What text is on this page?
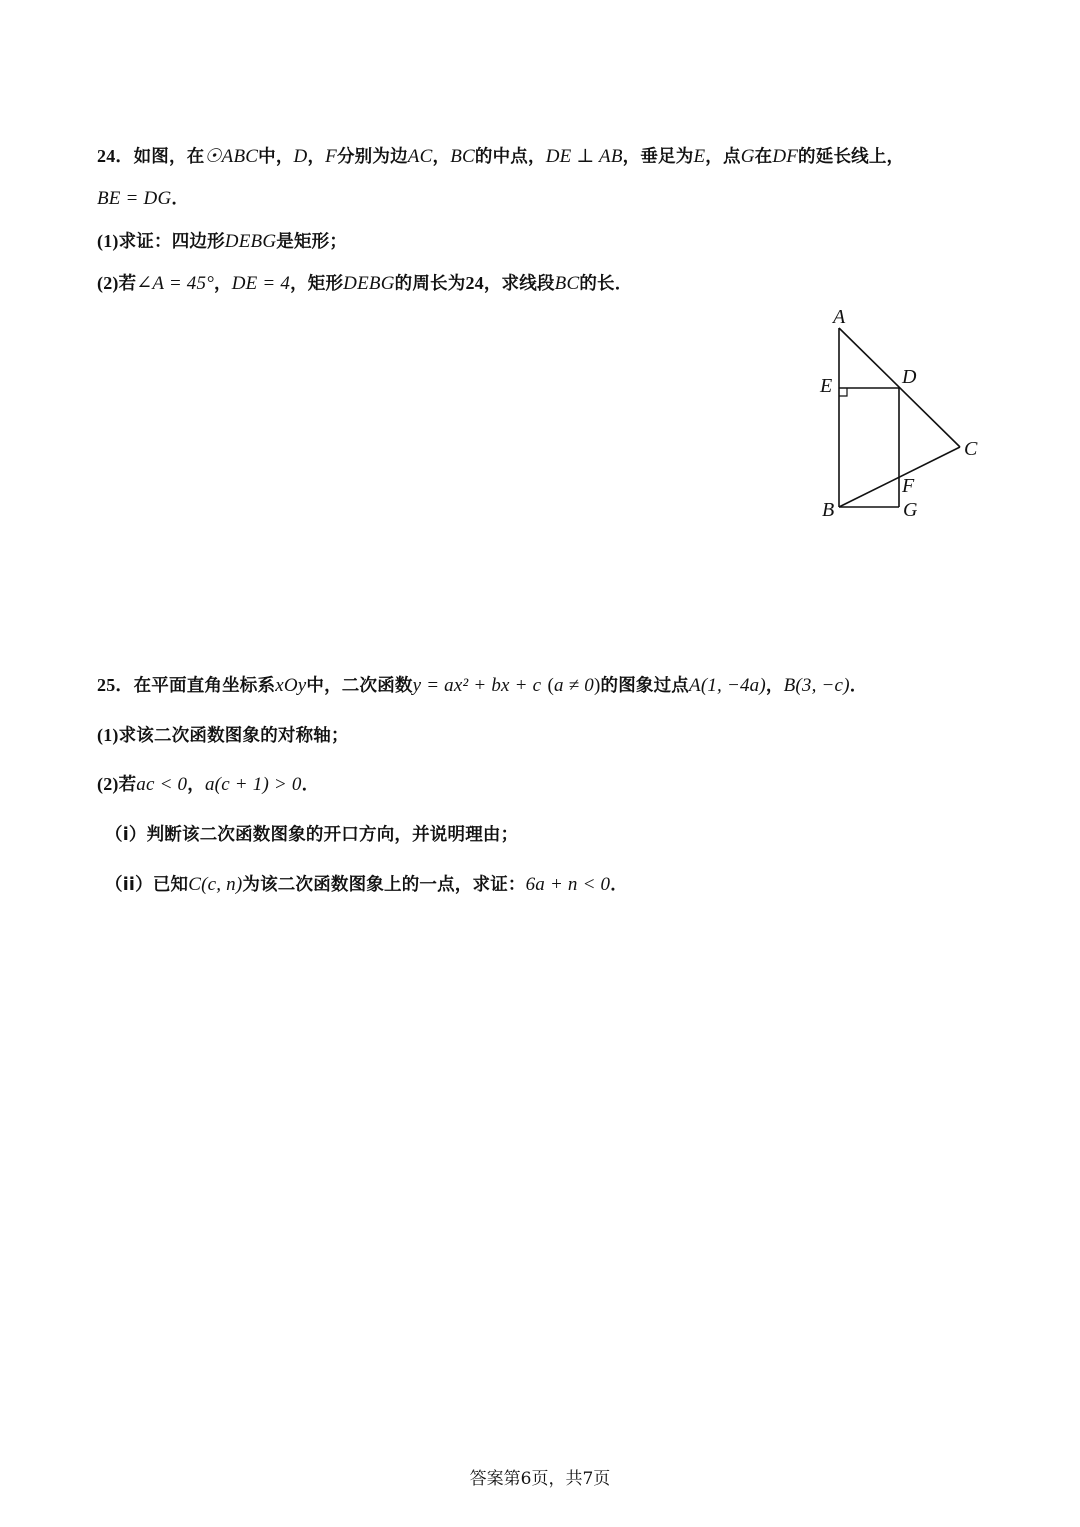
24．如图，在☉ABC中，D，F分别为边AC，BC的中点，DE ⊥ AB，垂足为E，点G在DF的延长线上，
BE = DG．
(1)求证：四边形DEBG是矩形；
(2)若∠A = 45°，DE = 4，矩形DEBG的周长为24，求线段BC的长．
A
E	D
C
F
B	G
25．在平面直角坐标系xOy中，二次函数y = ax² + bx + c (a ≠ 0)的图象过点A(1, −4a)，B(3, −c)．
(1)求该二次函数图象的对称轴；
(2)若ac < 0，a(c + 1) > 0．
（i）判断该二次函数图象的开口方向，并说明理由；
（ii）已知C(c, n)为该二次函数图象上的一点，求证：6a + n < 0．
答案第6页，共7页
